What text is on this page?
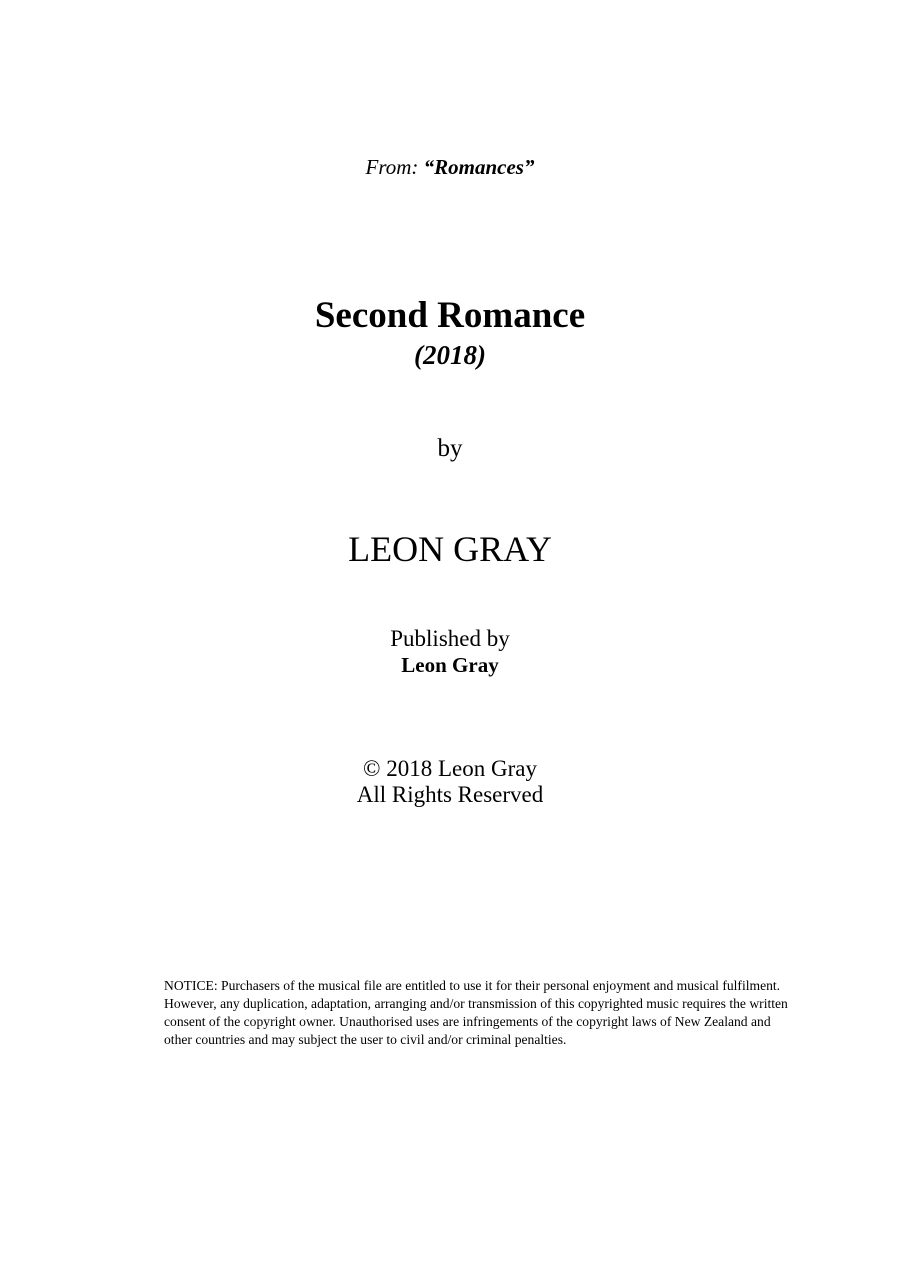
From: “Romances”
Second Romance
(2018)
by
LEON GRAY
Published by
Leon Gray
© 2018 Leon Gray
All Rights Reserved
NOTICE: Purchasers of the musical file are entitled to use it for their personal enjoyment and musical fulfilment. However, any duplication, adaptation, arranging and/or transmission of this copyrighted music requires the written consent of the copyright owner. Unauthorised uses are infringements of the copyright laws of New Zealand and other countries and may subject the user to civil and/or criminal penalties.
